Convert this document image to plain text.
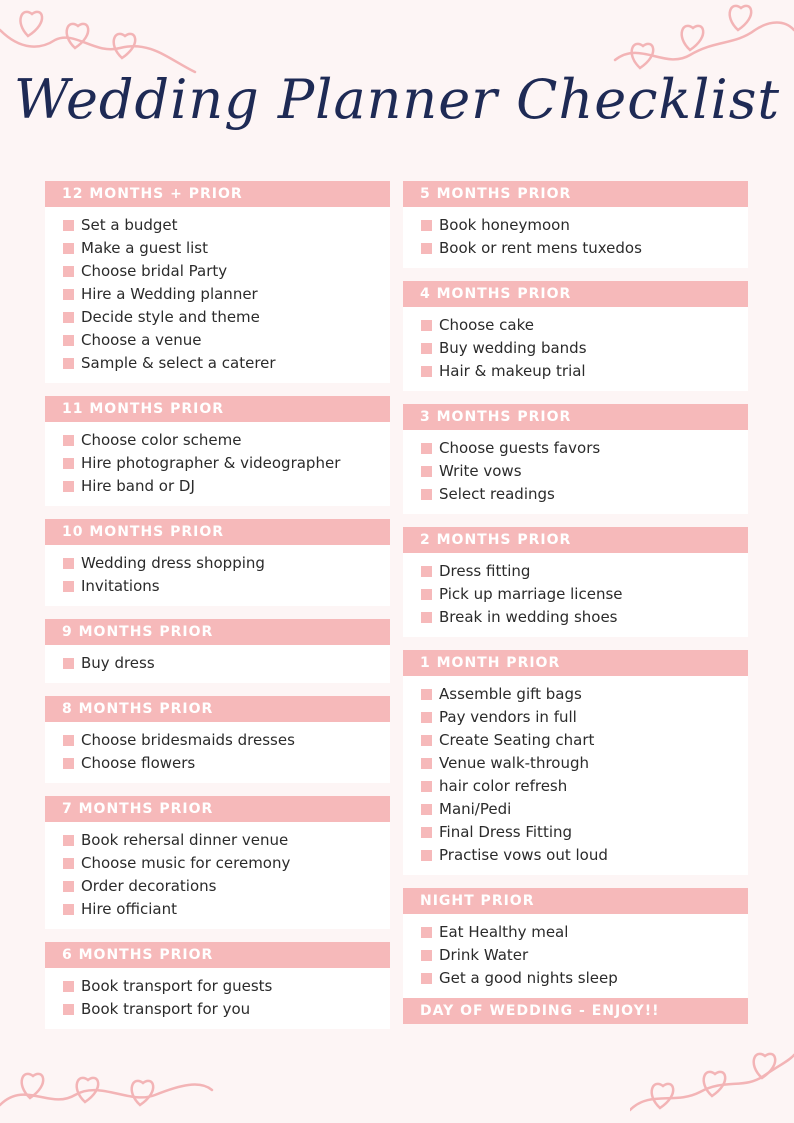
Wedding Planner Checklist
12 MONTHS + PRIOR
Set a budget
Make a guest list
Choose bridal Party
Hire a Wedding planner
Decide style and theme
Choose a venue
Sample & select a caterer
11 MONTHS PRIOR
Choose color scheme
Hire photographer & videographer
Hire band or DJ
10 MONTHS PRIOR
Wedding dress shopping
Invitations
9 MONTHS PRIOR
Buy dress
8 MONTHS PRIOR
Choose bridesmaids dresses
Choose flowers
7 MONTHS PRIOR
Book rehersal dinner venue
Choose music for ceremony
Order decorations
Hire officiant
6 MONTHS PRIOR
Book transport for guests
Book transport for you
5 MONTHS PRIOR
Book honeymoon
Book or rent mens tuxedos
4 MONTHS PRIOR
Choose cake
Buy wedding bands
Hair & makeup trial
3 MONTHS PRIOR
Choose guests favors
Write vows
Select readings
2 MONTHS PRIOR
Dress fitting
Pick up marriage license
Break in wedding shoes
1 MONTH PRIOR
Assemble gift bags
Pay vendors in full
Create Seating chart
Venue walk-through
hair color refresh
Mani/Pedi
Final Dress Fitting
Practise vows out loud
NIGHT PRIOR
Eat Healthy meal
Drink Water
Get a good nights sleep
DAY OF WEDDING - ENJOY!!
